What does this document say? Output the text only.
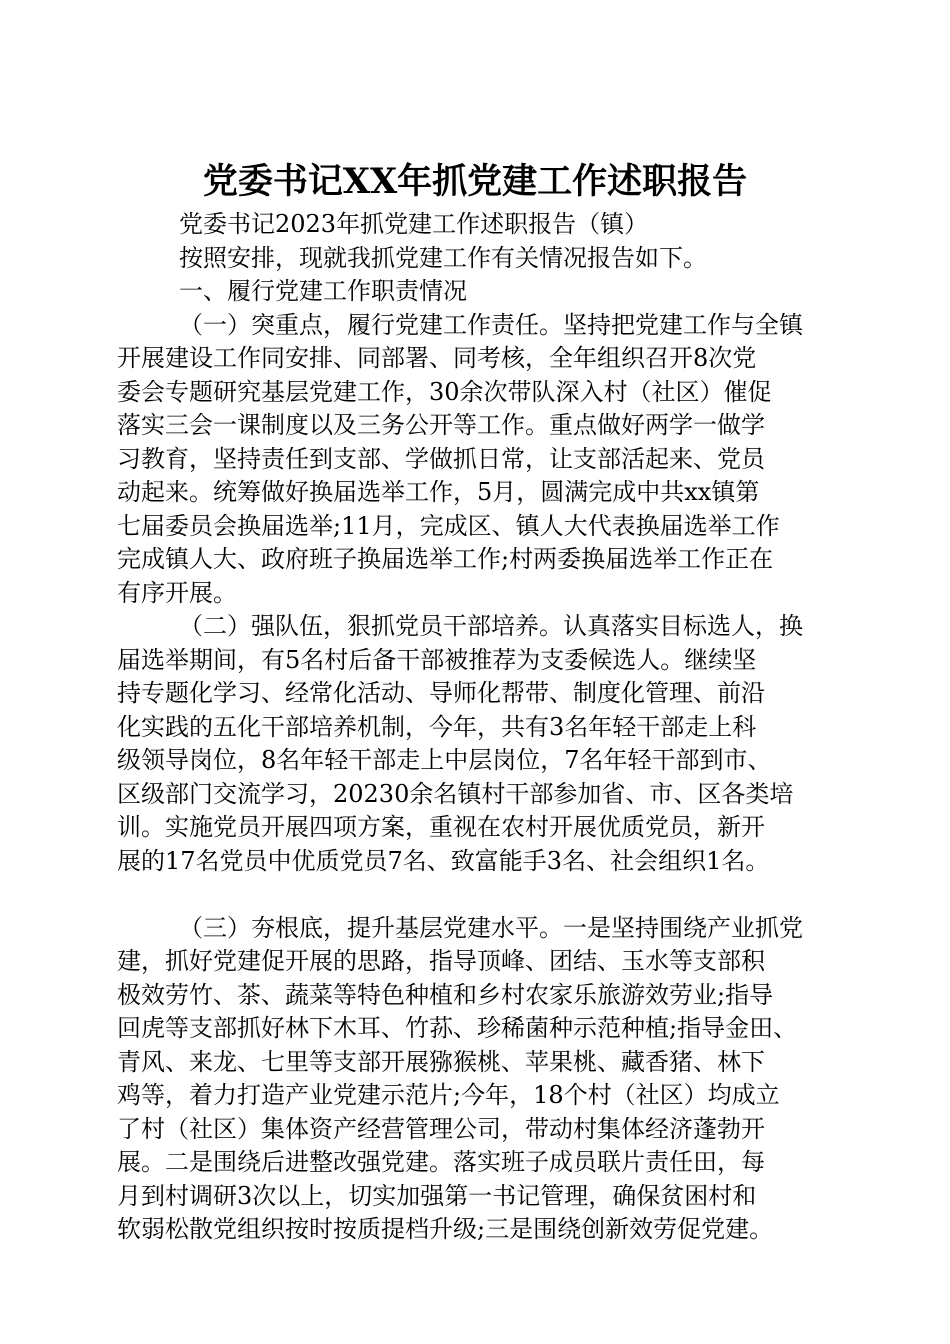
党委书记XX年抓党建工作述职报告

党委书记2023年抓党建工作述职报告（镇）

按照安排，现就我抓党建工作有关情况报告如下。

一、履行党建工作职责情况

（一）突重点，履行党建工作责任。坚持把党建工作与全镇

开展建设工作同安排、同部署、同考核，全年组织召开8次党

委会专题研究基层党建工作，30余次带队深入村（社区）催促

落实三会一课制度以及三务公开等工作。重点做好两学一做学

习教育，坚持责任到支部、学做抓日常，让支部活起来、党员

动起来。统筹做好换届选举工作，5月，圆满完成中共xx镇第

七届委员会换届选举;11月，完成区、镇人大代表换届选举工作

完成镇人大、政府班子换届选举工作;村两委换届选举工作正在

有序开展。

（二）强队伍，狠抓党员干部培养。认真落实目标选人，换

届选举期间，有5名村后备干部被推荐为支委候选人。继续坚

持专题化学习、经常化活动、导师化帮带、制度化管理、前沿

化实践的五化干部培养机制，今年，共有3名年轻干部走上科

级领导岗位，8名年轻干部走上中层岗位，7名年轻干部到市、

区级部门交流学习，20230余名镇村干部参加省、市、区各类培

训。实施党员开展四项方案，重视在农村开展优质党员，新开

展的17名党员中优质党员7名、致富能手3名、社会组织1名。

（三）夯根底，提升基层党建水平。一是坚持围绕产业抓党

建，抓好党建促开展的思路，指导顶峰、团结、玉水等支部积

极效劳竹、茶、蔬菜等特色种植和乡村农家乐旅游效劳业;指导

回虎等支部抓好林下木耳、竹荪、珍稀菌种示范种植;指导金田、

青风、来龙、七里等支部开展猕猴桃、苹果桃、藏香猪、林下

鸡等，着力打造产业党建示范片;今年，18个村（社区）均成立

了村（社区）集体资产经营管理公司，带动村集体经济蓬勃开

展。二是围绕后进整改强党建。落实班子成员联片责任田，每

月到村调研3次以上，切实加强第一书记管理，确保贫困村和

软弱松散党组织按时按质提档升级;三是围绕创新效劳促党建。
